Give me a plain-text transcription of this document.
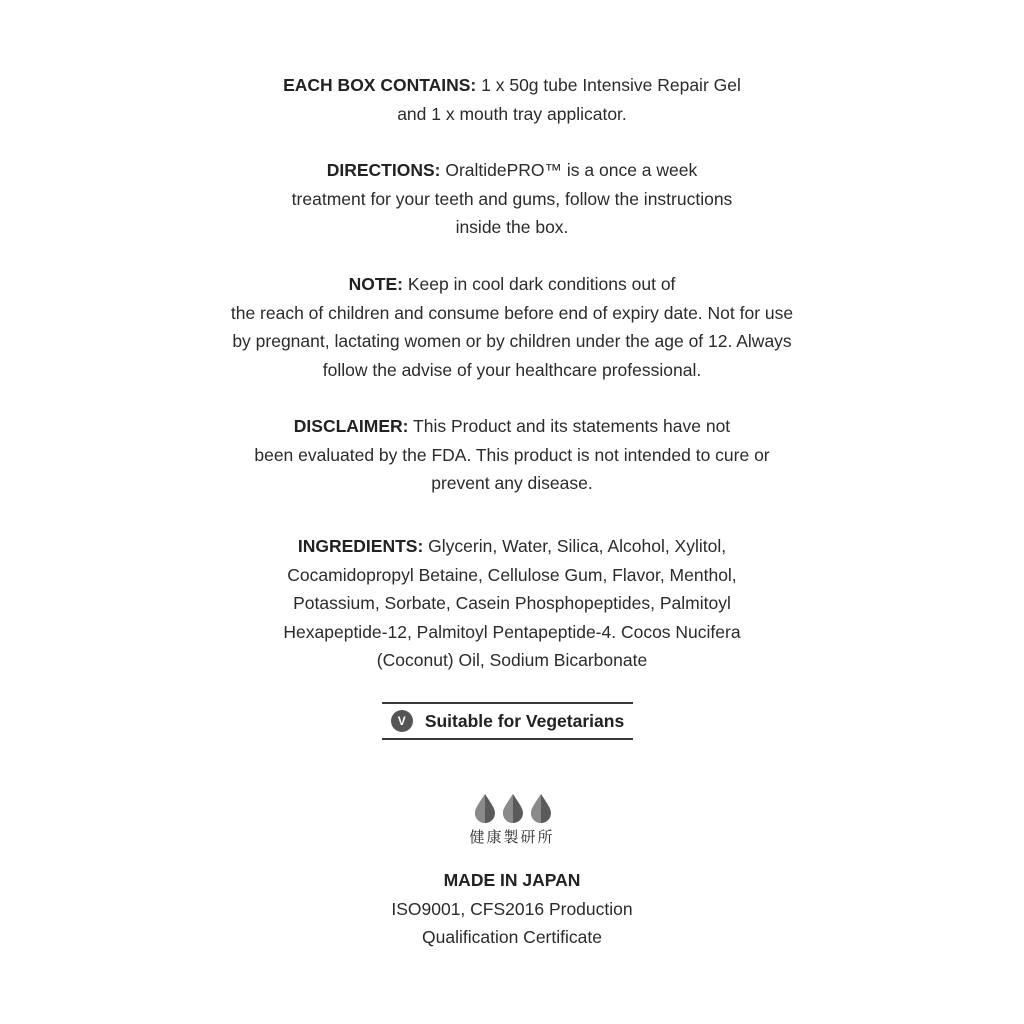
EACH BOX CONTAINS: 1 x 50g tube Intensive Repair Gel
and 1 x mouth tray applicator.
DIRECTIONS: OraltidePRO™ is a once a week
treatment for your teeth and gums, follow the instructions
inside the box.
NOTE: Keep in cool dark conditions out of
the reach of children and consume before end of expiry date. Not for use
by pregnant, lactating women or by children under the age of 12. Always
follow the advise of your healthcare professional.
DISCLAIMER: This Product and its statements have not
been evaluated by the FDA. This product is not intended to cure or
prevent any disease.
INGREDIENTS: Glycerin, Water, Silica, Alcohol, Xylitol,
Cocamidopropyl Betaine, Cellulose Gum, Flavor, Menthol,
Potassium, Sorbate, Casein Phosphopeptides, Palmitoyl
Hexapeptide-12, Palmitoyl Pentapeptide-4. Cocos Nucifera
(Coconut) Oil, Sodium Bicarbonate
V	Suitable for Vegetarians
健康製研所
MADE IN JAPAN
ISO9001, CFS2016 Production
Qualification Certificate
